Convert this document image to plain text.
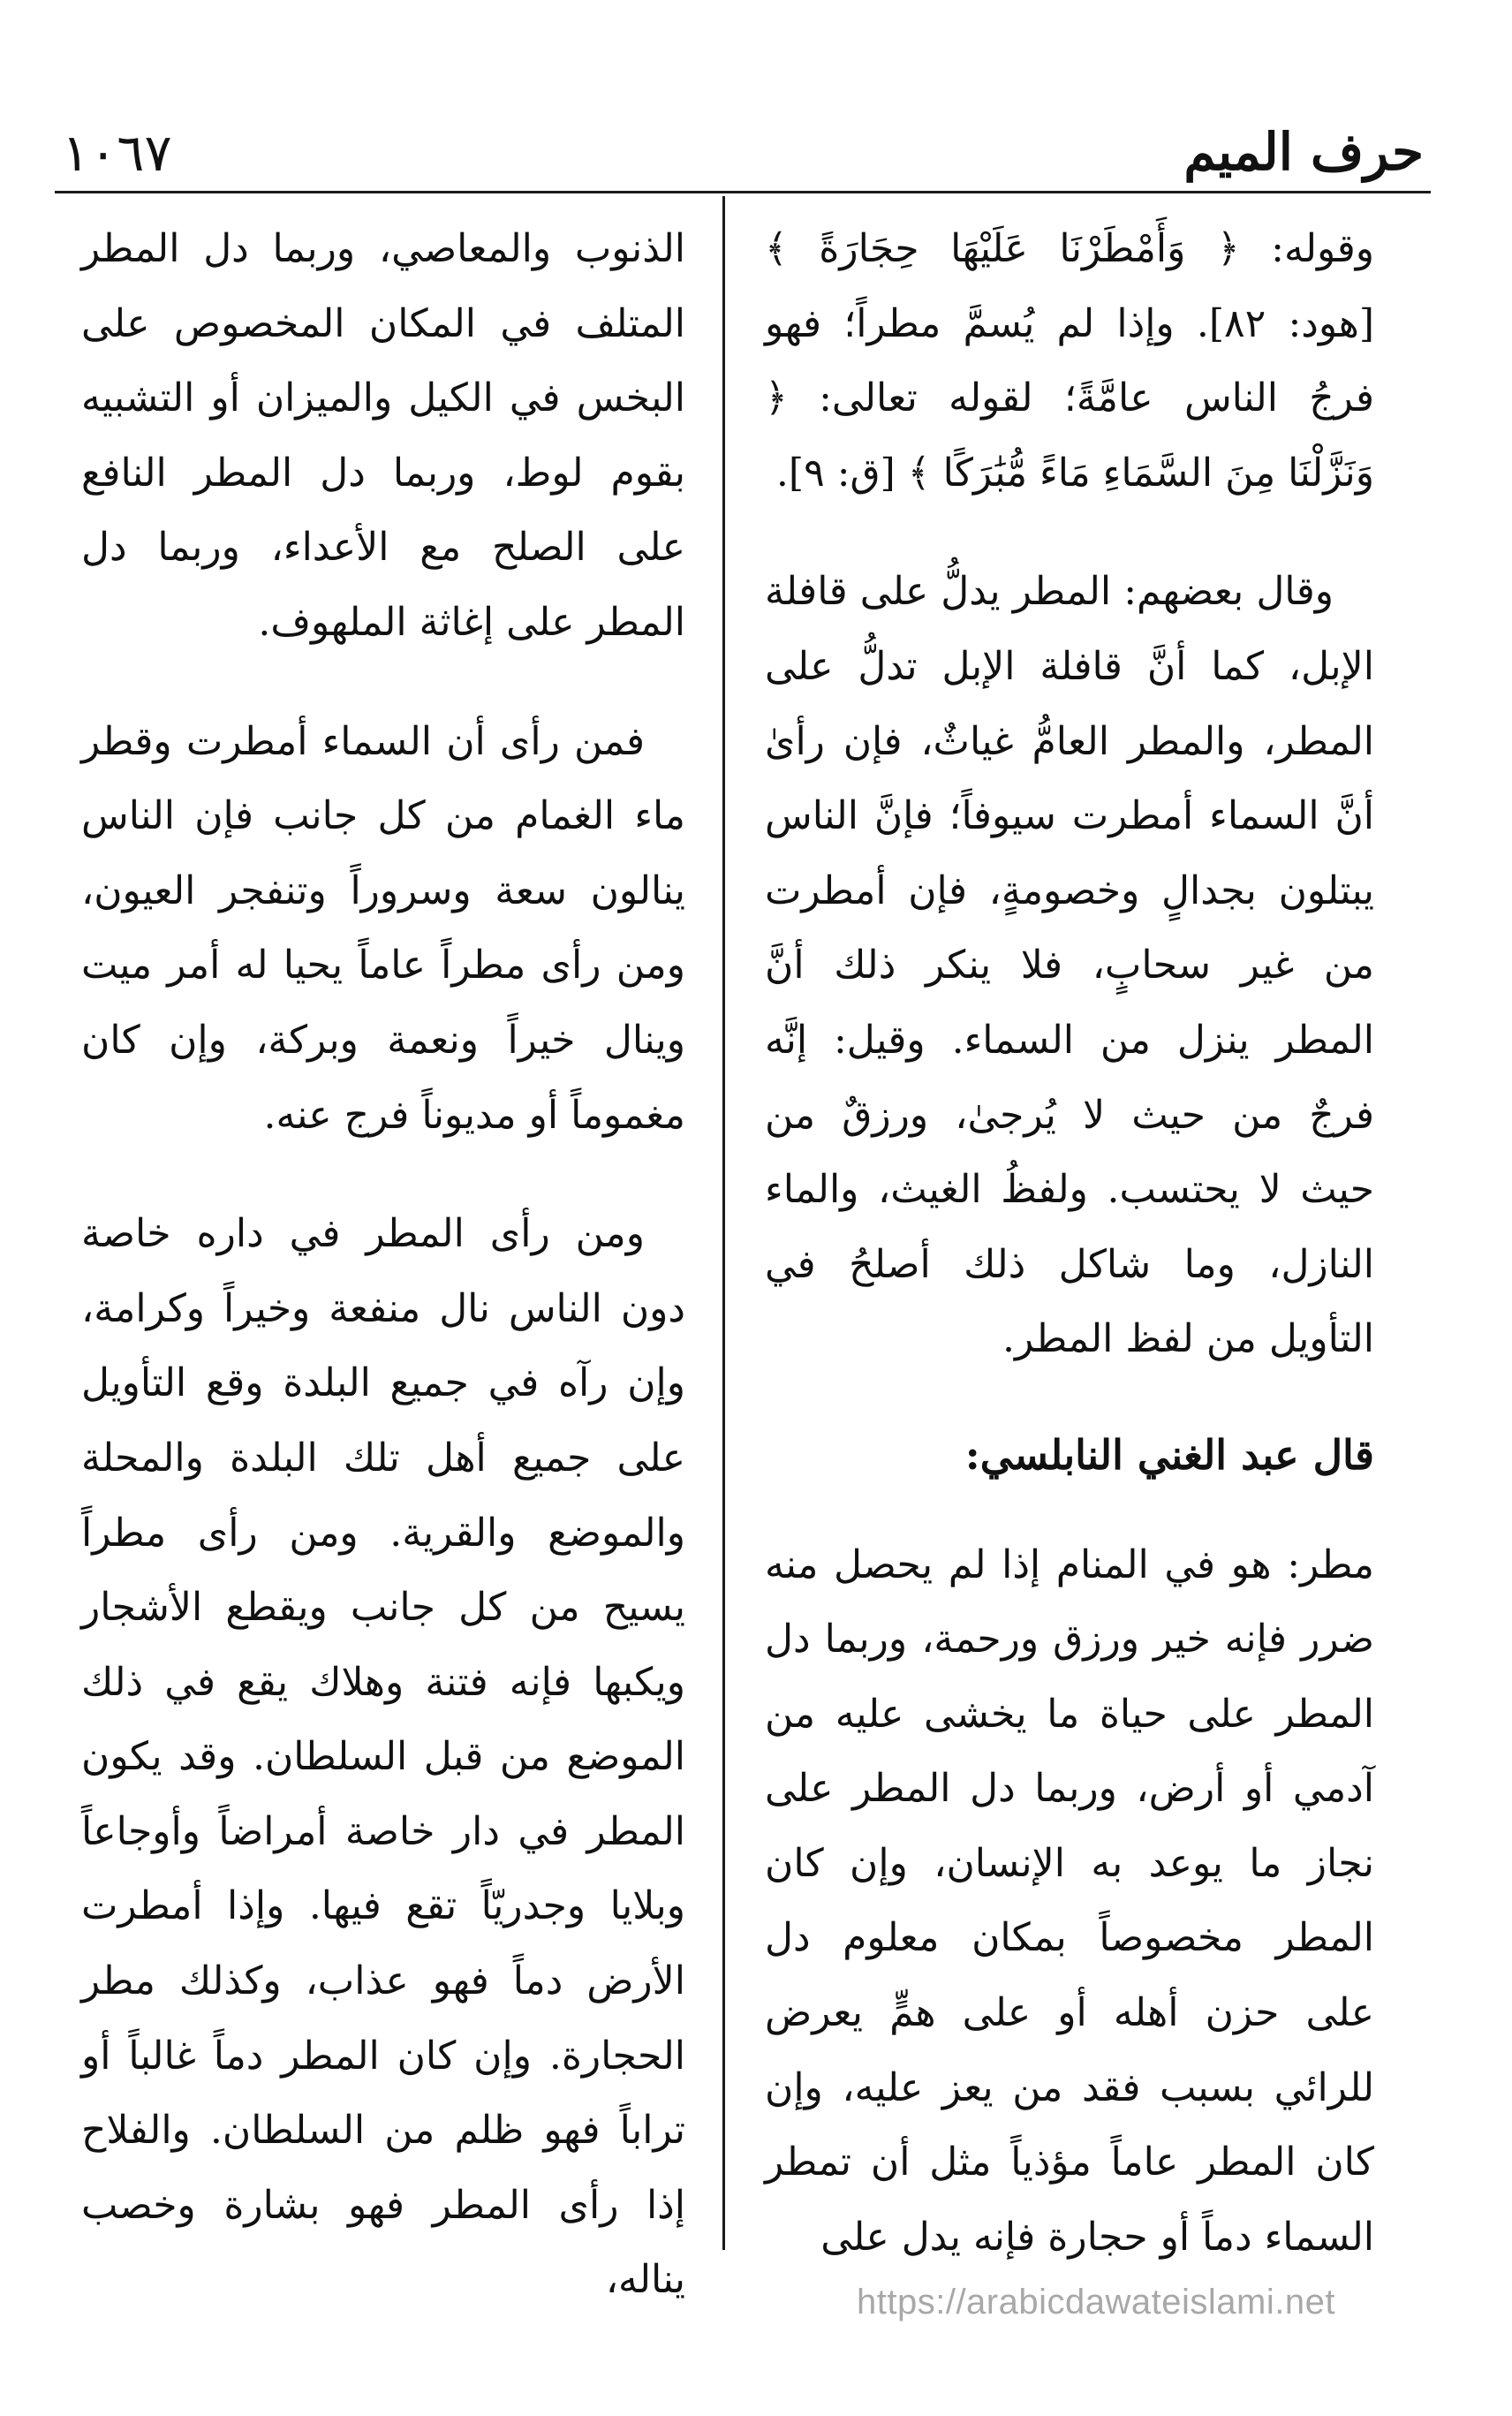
١٠٦٧	حرف الميم

وقوله: ﴿ وَأَمْطَرْنَا عَلَيْهَا حِجَارَةً ﴾ [هود: ٨٢]. وإذا لم يُسمَّ مطراً؛ فهو فرجُ الناس عامَّةً؛ لقوله تعالى: ﴿ وَنَزَّلْنَا مِنَ السَّمَاءِ مَاءً مُّبَٰرَكًا ﴾ [ق: ٩].

وقال بعضهم: المطر يدلُّ على قافلة الإبل، كما أنَّ قافلة الإبل تدلُّ على المطر، والمطر العامُّ غياثٌ، فإن رأىٰ أنَّ السماء أمطرت سيوفاً؛ فإنَّ الناس يبتلون بجدالٍ وخصومةٍ، فإن أمطرت من غير سحابٍ، فلا ينكر ذلك أنَّ المطر ينزل من السماء. وقيل: إنَّه فرجٌ من حيث لا يُرجىٰ، ورزقٌ من حيث لا يحتسب. ولفظُ الغيث، والماء النازل، وما شاكل ذلك أصلحُ في التأويل من لفظ المطر.

قال عبد الغني النابلسي:

مطر: هو في المنام إذا لم يحصل منه ضرر فإنه خير ورزق ورحمة، وربما دل المطر على حياة ما يخشى عليه من آدمي أو أرض، وربما دل المطر على نجاز ما يوعد به الإنسان، وإن كان المطر مخصوصاً بمكان معلوم دل على حزن أهله أو على همٍّ يعرض للرائي بسبب فقد من يعز عليه، وإن كان المطر عاماً مؤذياً مثل أن تمطر السماء دماً أو حجارة فإنه يدل على

الذنوب والمعاصي، وربما دل المطر المتلف في المكان المخصوص على البخس في الكيل والميزان أو التشبيه بقوم لوط، وربما دل المطر النافع على الصلح مع الأعداء، وربما دل المطر على إغاثة الملهوف.

فمن رأى أن السماء أمطرت وقطر ماء الغمام من كل جانب فإن الناس ينالون سعة وسروراً وتنفجر العيون، ومن رأى مطراً عاماً يحيا له أمر ميت وينال خيراً ونعمة وبركة، وإن كان مغموماً أو مديوناً فرج عنه.

ومن رأى المطر في داره خاصة دون الناس نال منفعة وخيراً وكرامة، وإن رآه في جميع البلدة وقع التأويل على جميع أهل تلك البلدة والمحلة والموضع والقرية. ومن رأى مطراً يسيح من كل جانب ويقطع الأشجار ويكبها فإنه فتنة وهلاك يقع في ذلك الموضع من قبل السلطان. وقد يكون المطر في دار خاصة أمراضاً وأوجاعاً وبلايا وجدريّاً تقع فيها. وإذا أمطرت الأرض دماً فهو عذاب، وكذلك مطر الحجارة. وإن كان المطر دماً غالباً أو تراباً فهو ظلم من السلطان. والفلاح إذا رأى المطر فهو بشارة وخصب يناله،	https://arabicdawateislami.net
